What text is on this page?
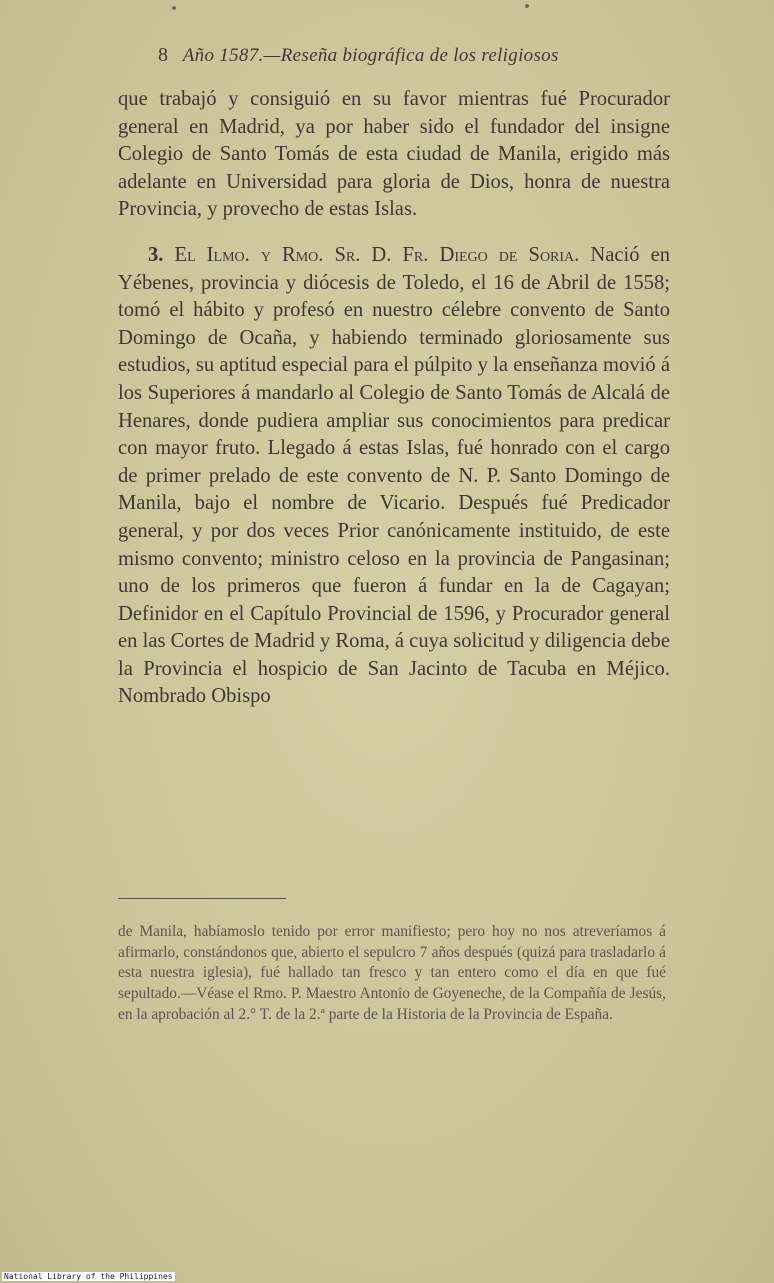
8 Año 1587.—Reseña biográfica de los religiosos

que trabajó y consiguió en su favor mientras fué Procurador general en Madrid, ya por haber sido el fundador del insigne Colegio de Santo Tomás de esta ciudad de Manila, erigido más adelante en Universidad para gloria de Dios, honra de nuestra Provincia, y provecho de estas Islas.

3. El Ilmo. y Rmo. Sr. D. Fr. Diego de Soria. Nació en Yébenes, provincia y diócesis de Toledo, el 16 de Abril de 1558; tomó el hábito y profesó en nuestro célebre convento de Santo Domingo de Ocaña, y habiendo terminado gloriosamente sus estudios, su aptitud especial para el púlpito y la enseñanza movió á los Superiores á mandarlo al Colegio de Santo Tomás de Alcalá de Henares, donde pudiera ampliar sus conocimientos para predicar con mayor fruto. Llegado á estas Islas, fué honrado con el cargo de primer prelado de este convento de N. P. Santo Domingo de Manila, bajo el nombre de Vicario. Después fué Predicador general, y por dos veces Prior canónicamente instituido, de este mismo convento; ministro celoso en la provincia de Pangasinan; uno de los primeros que fueron á fundar en la de Cagayan; Definidor en el Capítulo Provincial de 1596, y Procurador general en las Cortes de Madrid y Roma, á cuya solicitud y diligencia debe la Provincia el hospicio de San Jacinto de Tacuba en Méjico. Nombrado Obispo

de Manila, habíamoslo tenido por error manifiesto; pero hoy no nos atreveríamos á afirmarlo, constándonos que, abierto el sepulcro 7 años después (quizá para trasladarlo á esta nuestra iglesia), fué hallado tan fresco y tan entero como el día en que fué sepultado.—Véase el Rmo. P. Maestro Antonio de Goyeneche, de la Compañía de Jesús, en la aprobación al 2.° T. de la 2.ª parte de la Historia de la Provincia de España.

National Library of the Philippines
